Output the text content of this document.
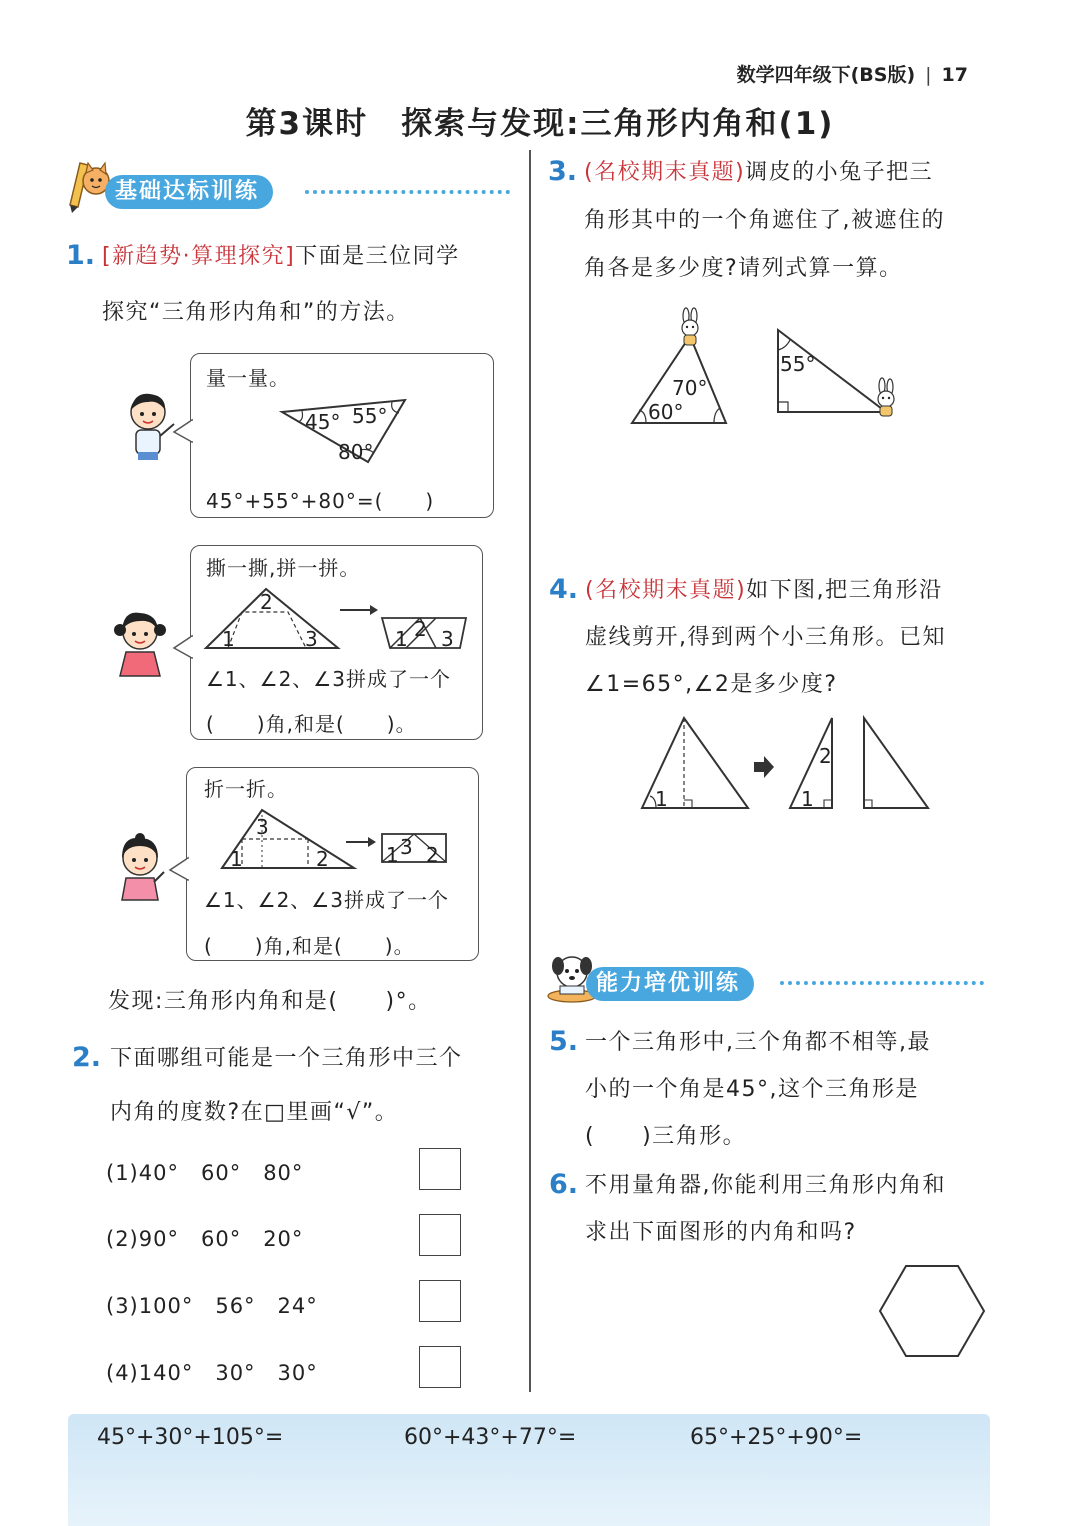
数学四年级下(BS版) | 17
第3课时　探索与发现:三角形内角和(1)
基础达标训练
1. [新趋势·算理探究]下面是三位同学
探究“三角形内角和”的方法。
量一量。
45° 55°
80°
45°+55°+80°=(　　)
撕一撕,拼一拼。
1
2
3	1 2 3
∠1、∠2、∠3拼成了一个
(　　)角,和是(　　)。
折一折。
1	2
3
1 3 2
∠1、∠2、∠3拼成了一个
(　　)角,和是(　　)。
发现:三角形内角和是(　　)°。
2. 下面哪组可能是一个三角形中三个
内角的度数?在□里画“√”。
(1)40°　60°　80°
(2)90°　60°　20°
(3)100°　56°　24°
(4)140°　30°　30°
3. (名校期末真题)调皮的小兔子把三
角形其中的一个角遮住了,被遮住的
角各是多少度?请列式算一算。
70°
60°
55°
4. (名校期末真题)如下图,把三角形沿
虚线剪开,得到两个小三角形。已知
∠1=65°,∠2是多少度?
1	1
2
能力培优训练
5. 一个三角形中,三个角都不相等,最
小的一个角是45°,这个三角形是
(　　)三角形。
6. 不用量角器,你能利用三角形内角和
求出下面图形的内角和吗?
45°+30°+105°=	60°+43°+77°=	65°+25°+90°=
